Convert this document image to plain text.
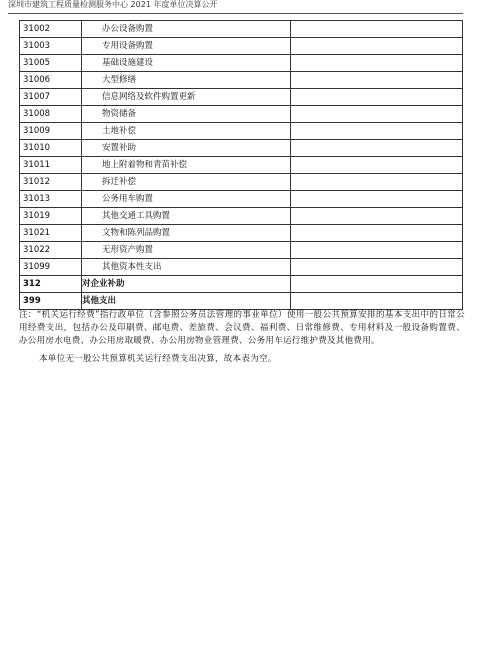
深圳市建筑工程质量检测服务中心 2021 年度单位决算公开
31002	办公设备购置	
31003	专用设备购置	
31005	基础设施建设	
31006	大型修缮	
31007	信息网络及软件购置更新	
31008	物资储备	
31009	土地补偿	
31010	安置补助	
31011	地上附着物和青苗补偿	
31012	拆迁补偿	
31013	公务用车购置	
31019	其他交通工具购置	
31021	文物和陈列品购置	
31022	无形资产购置	
31099	其他资本性支出	
312	对企业补助	
399	其他支出	

注：“机关运行经费”指行政单位（含参照公务员法管理的事业单位）使用一般公共预算安排的基本支出中的日常公用经费支出，包括办公及印刷费、邮电费、差旅费、会议费、福利费、日常维修费、专用材料及一般设备购置费、办公用房水电费、办公用房取暖费、办公用房物业管理费、公务用车运行维护费及其他费用。

本单位无一般公共预算机关运行经费支出决算，故本表为空。
